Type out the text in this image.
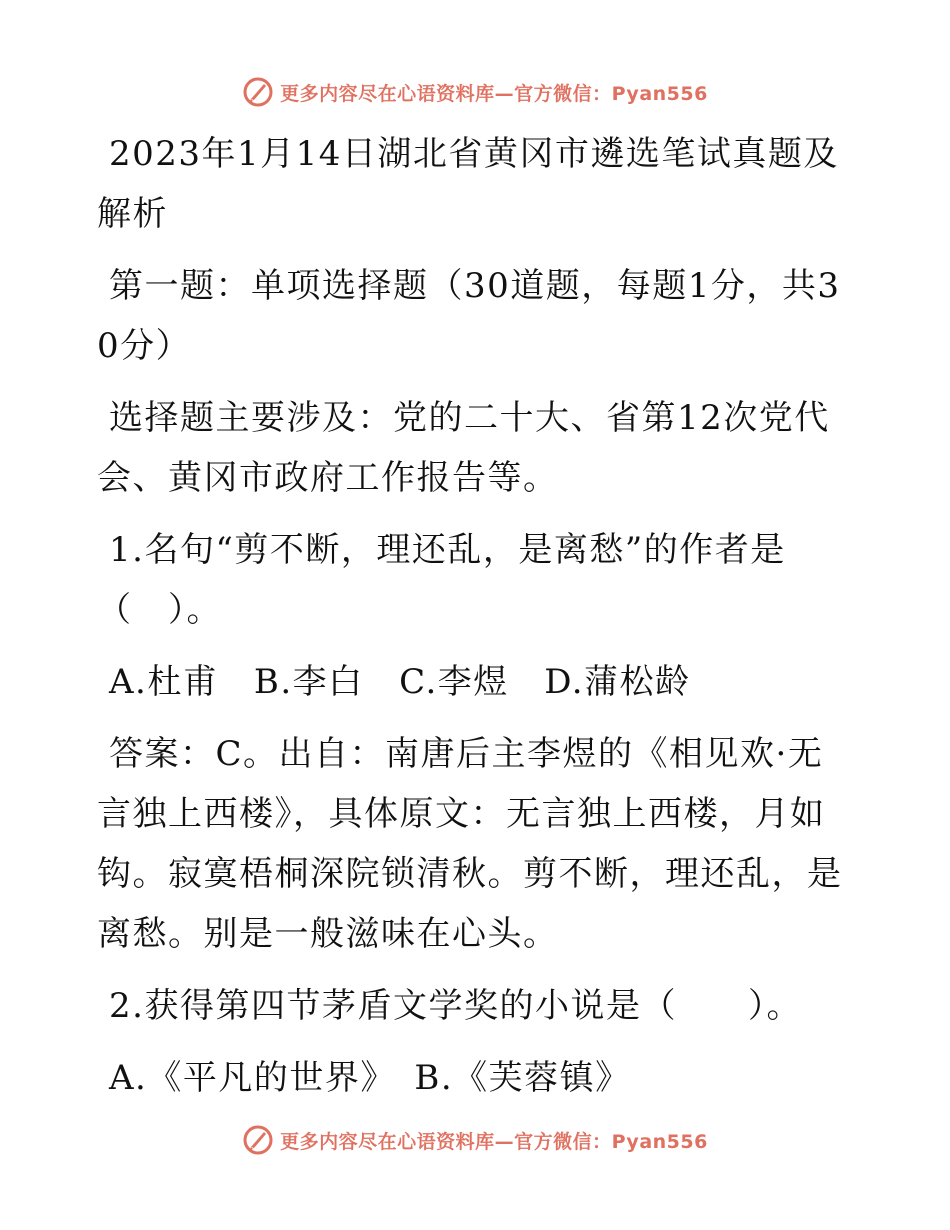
更多内容尽在心语资料库—官方微信：Pyan556

2023年1月14日湖北省黄冈市遴选笔试真题及解析

第一题：单项选择题（30道题，每题1分，共30分）

选择题主要涉及：党的二十大、省第12次党代会、黄冈市政府工作报告等。

1.名句“剪不断，理还乱，是离愁”的作者是（　）。

A.杜甫　B.李白　C.李煜　D.蒲松龄

答案：C。出自：南唐后主李煜的《相见欢·无言独上西楼》，具体原文：无言独上西楼，月如钩。寂寞梧桐深院锁清秋。剪不断，理还乱，是离愁。别是一般滋味在心头。

2.获得第四节茅盾文学奖的小说是（　　）。

A.《平凡的世界》　B.《芙蓉镇》

更多内容尽在心语资料库—官方微信：Pyan556
